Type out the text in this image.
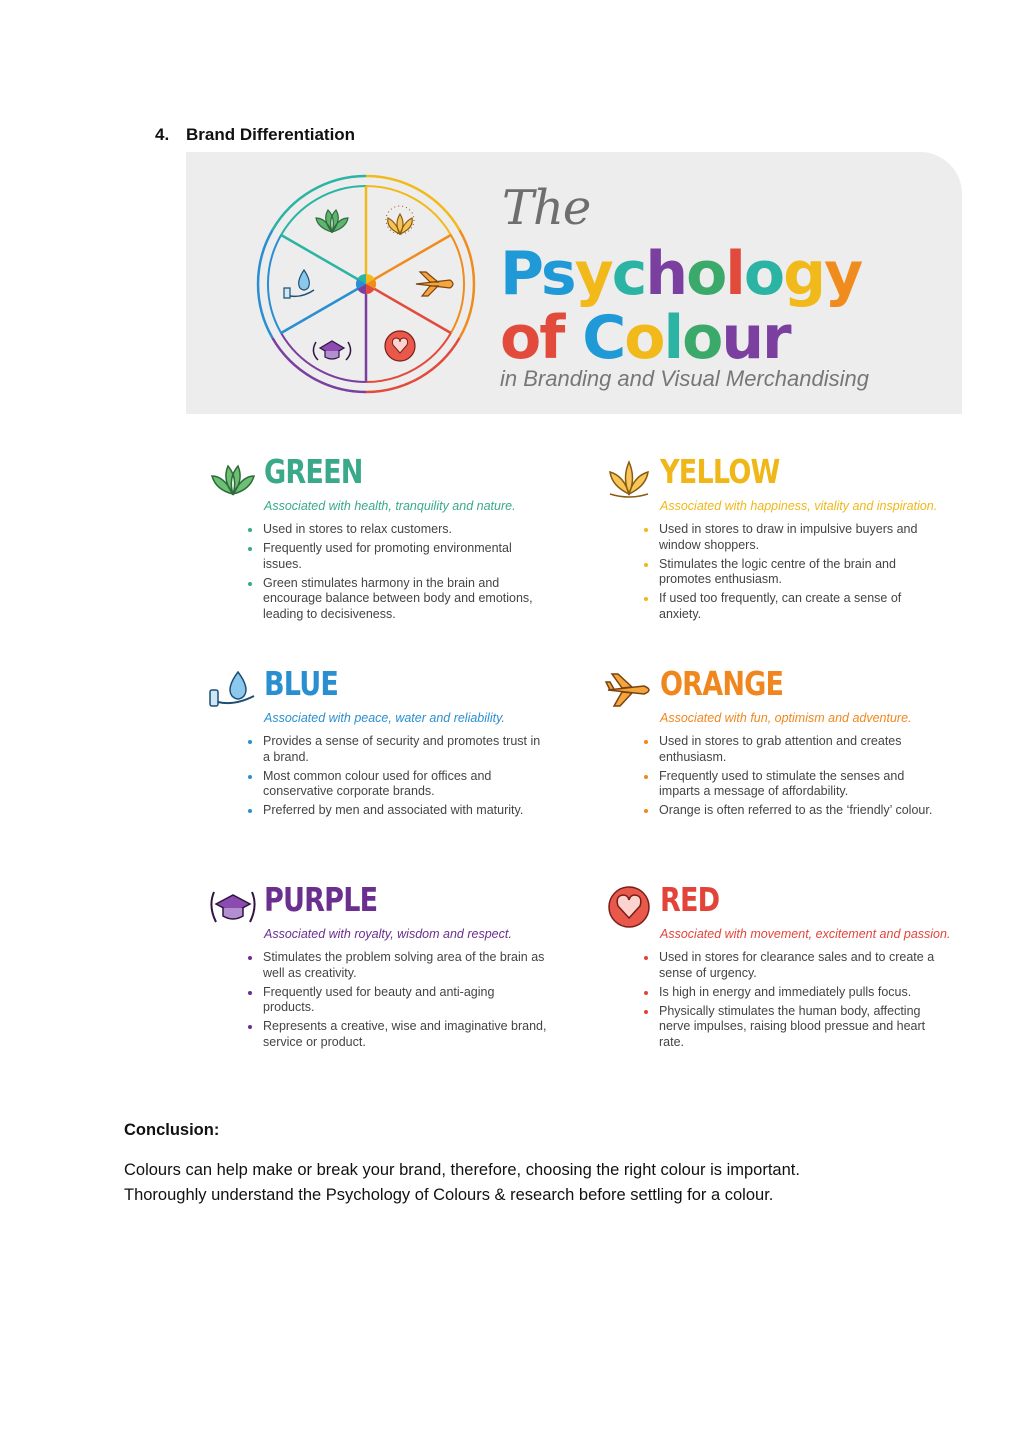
4. Brand Differentiation
The
Psychology
of Colour
in Branding and Visual Merchandising
GREEN
Associated with health, tranquility and nature.
Used in stores to relax customers.
Frequently used for promoting environmental issues.
Green stimulates harmony in the brain and encourage balance between body and emotions, leading to decisiveness.
YELLOW
Associated with happiness, vitality and inspiration.
Used in stores to draw in impulsive buyers and window shoppers.
Stimulates the logic centre of the brain and promotes enthusiasm.
If used too frequently, can create a sense of anxiety.
BLUE
Associated with peace, water and reliability.
Provides a sense of security and promotes trust in a brand.
Most common colour used for offices and conservative corporate brands.
Preferred by men and associated with maturity.
ORANGE
Associated with fun, optimism and adventure.
Used in stores to grab attention and creates enthusiasm.
Frequently used to stimulate the senses and imparts a message of affordability.
Orange is often referred to as the ‘friendly’ colour.
PURPLE
Associated with royalty, wisdom and respect.
Stimulates the problem solving area of the brain as well as creativity.
Frequently used for beauty and anti-aging products.
Represents a creative, wise and imaginative brand, service or product.
RED
Associated with movement, excitement and passion.
Used in stores for clearance sales and to create a sense of urgency.
Is high in energy and immediately pulls focus.
Physically stimulates the human body, affecting nerve impulses, raising blood pressue and heart rate.
Conclusion:
Colours can help make or break your brand, therefore, choosing the right colour is important.
Thoroughly understand the Psychology of Colours & research before settling for a colour.
